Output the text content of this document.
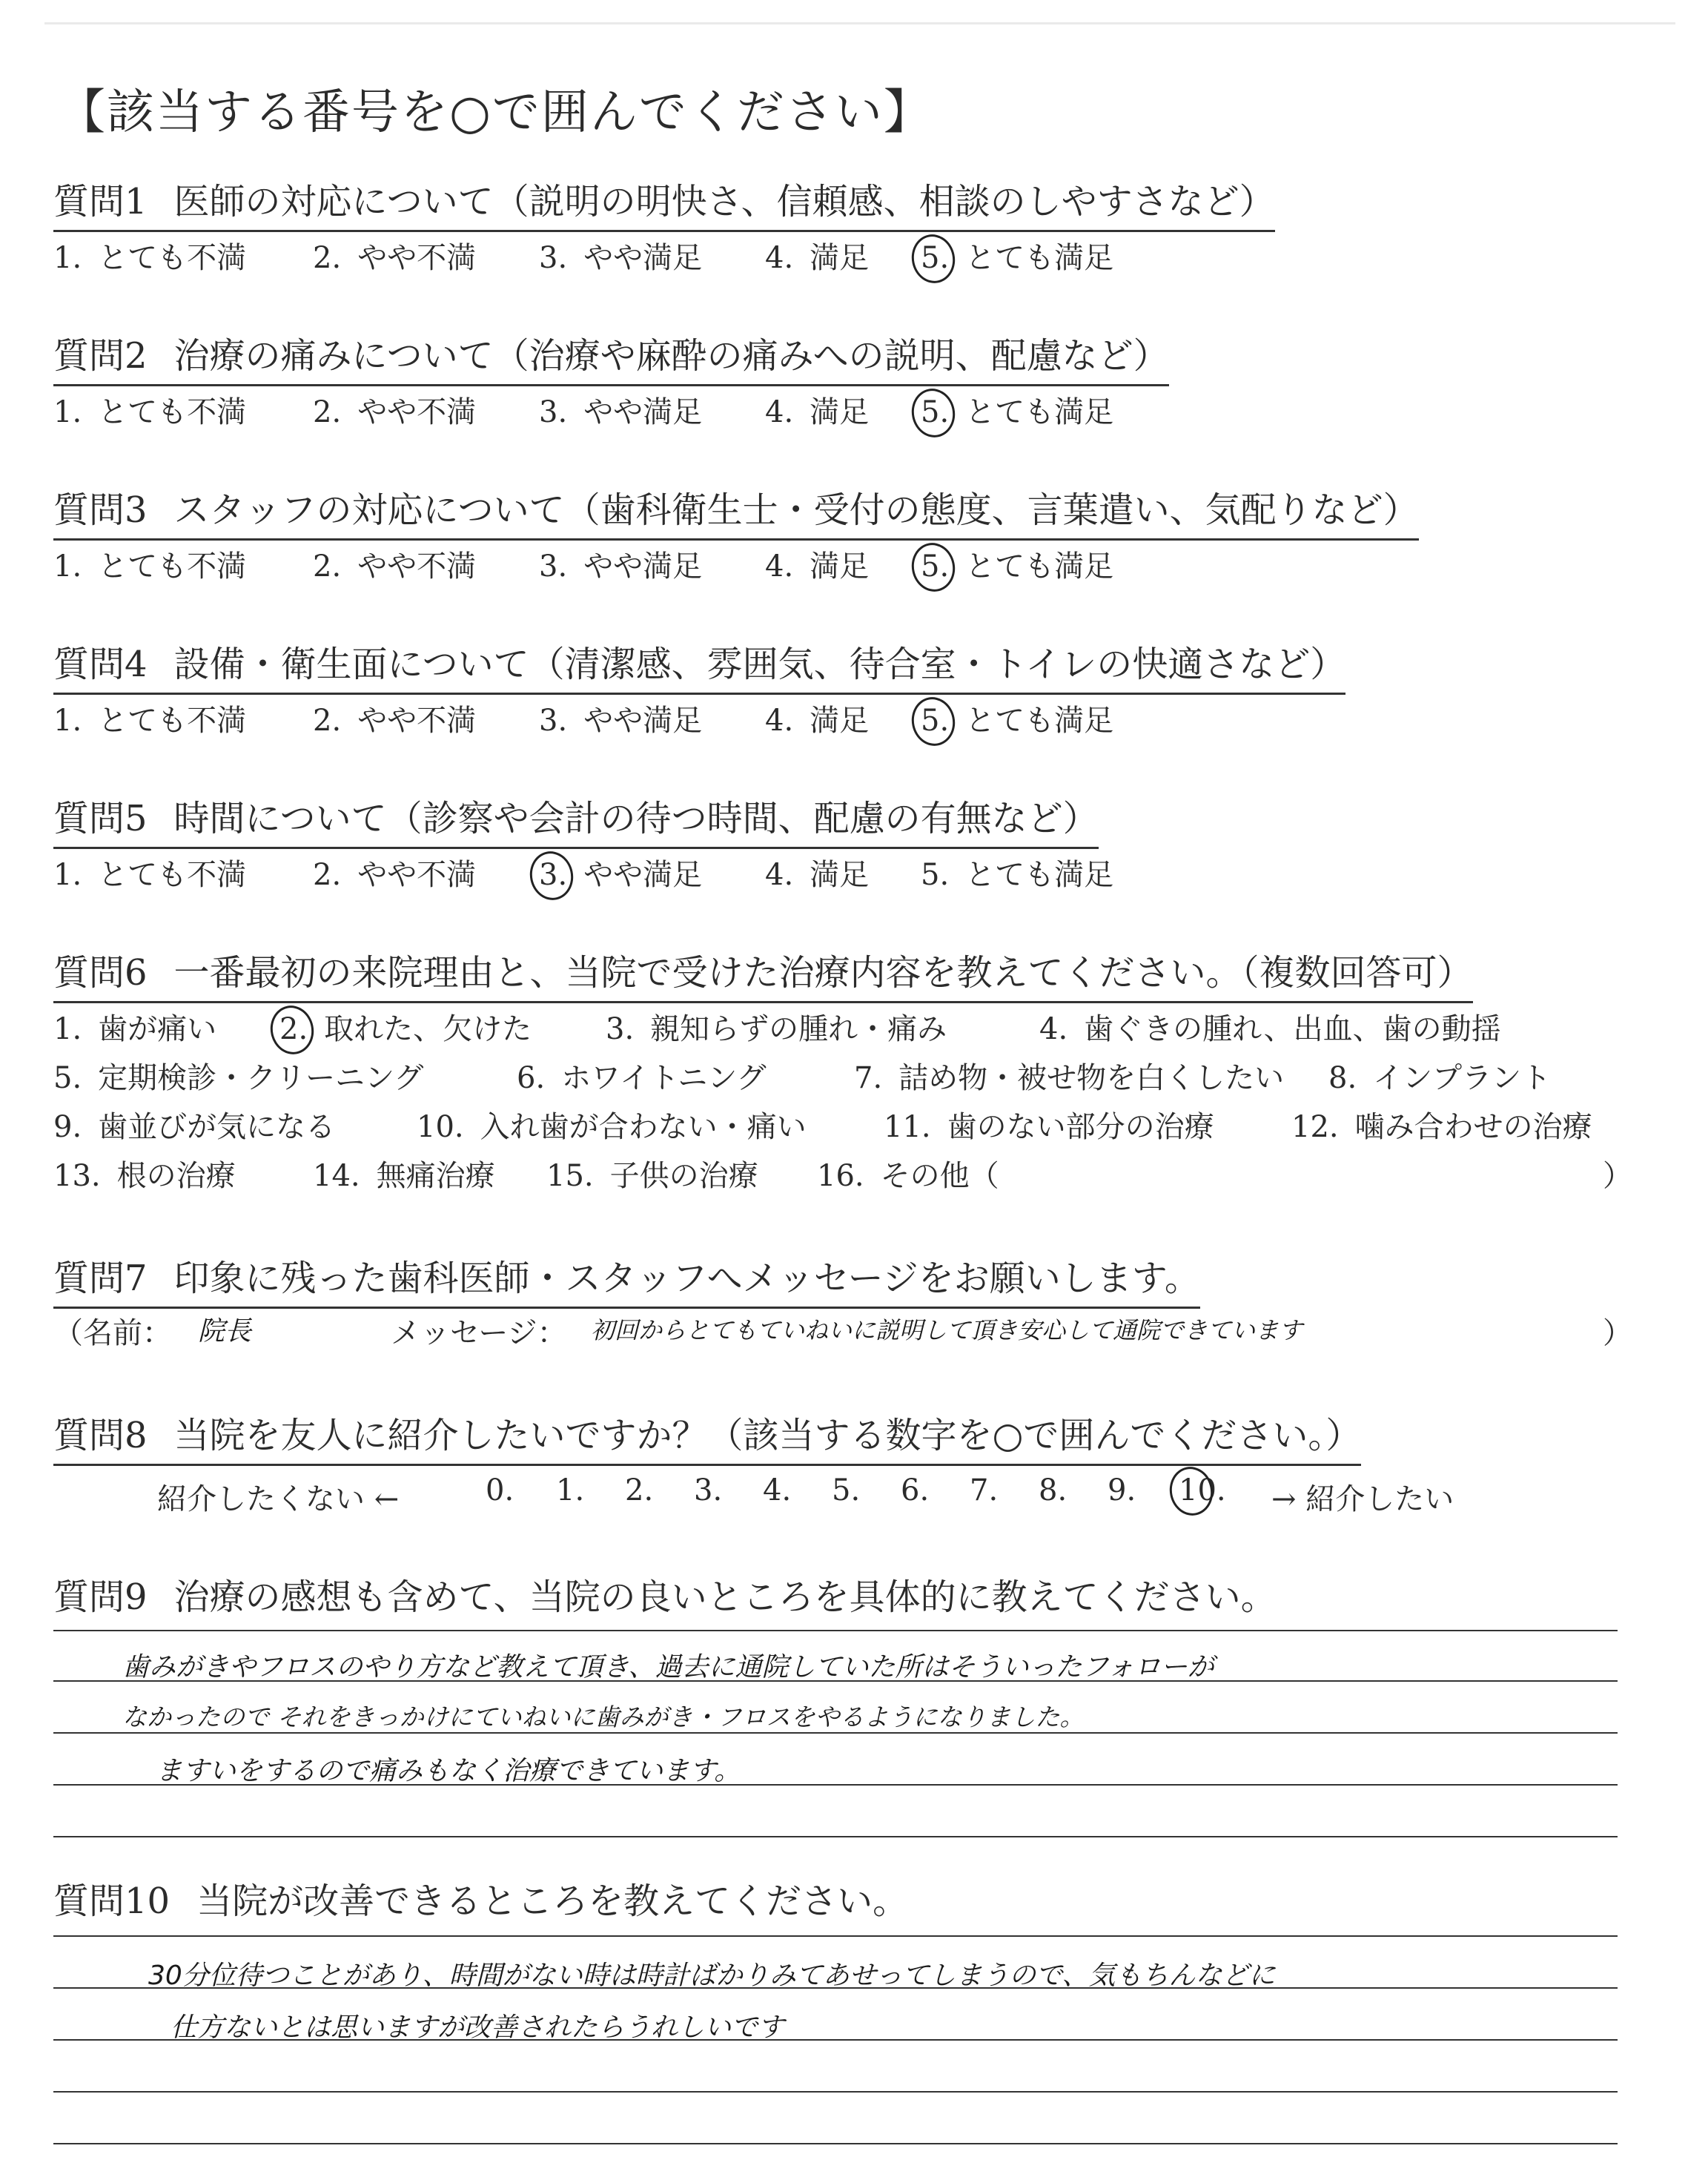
【該当する番号を○で囲んでください】
質問1 医師の対応について（説明の明快さ、信頼感、相談のしやすさなど）
1. とても不満 2. やや不満 3. やや満足 4. 満足 5. とても満足
質問2 治療の痛みについて（治療や麻酔の痛みへの説明、配慮など）
1. とても不満 2. やや不満 3. やや満足 4. 満足 5. とても満足
質問3 スタッフの対応について（歯科衛生士・受付の態度、言葉遣い、気配りなど）
1. とても不満 2. やや不満 3. やや満足 4. 満足 5. とても満足
質問4 設備・衛生面について（清潔感、雰囲気、待合室・トイレの快適さなど）
1. とても不満 2. やや不満 3. やや満足 4. 満足 5. とても満足
質問5 時間について（診察や会計の待つ時間、配慮の有無など）
1. とても不満 2. やや不満 3. やや満足 4. 満足 5. とても満足
質問6 一番最初の来院理由と、当院で受けた治療内容を教えてください。（複数回答可）
1. 歯が痛い 2. 取れた、欠けた 3. 親知らずの腫れ・痛み	4. 歯ぐきの腫れ、出血、歯の動揺
5. 定期検診・クリーニング	6. ホワイトニング	7. 詰め物・被せ物を白くしたい 8. インプラント
9. 歯並びが気になる	10. 入れ歯が合わない・痛い	11. 歯のない部分の治療	12. 噛み合わせの治療
13. 根の治療	14. 無痛治療 15. 子供の治療 16. その他（	）
質問7 印象に残った歯科医師・スタッフへメッセージをお願いします。
（名前： 院長	メッセージ： 初回からとてもていねいに説明して頂き安心して通院できています	）
質問8 当院を友人に紹介したいですか？（該当する数字を○で囲んでください。）
紹介したくない ←	0.	1.	2.	3.	4.	5.	6.	7.	8.	9.	10.	→ 紹介したい
質問9 治療の感想も含めて、当院の良いところを具体的に教えてください。
歯みがきやフロスのやり方など教えて頂き、過去に通院していた所はそういったフォローが
なかったので それをきっかけにていねいに歯みがき・フロスをやるようになりました。
ますいをするので痛みもなく治療できています。
質問10 当院が改善できるところを教えてください。
30分位待つことがあり、時間がない時は時計ばかりみてあせってしまうので、気もちんなどに
仕方ないとは思いますが改善されたらうれしいです
